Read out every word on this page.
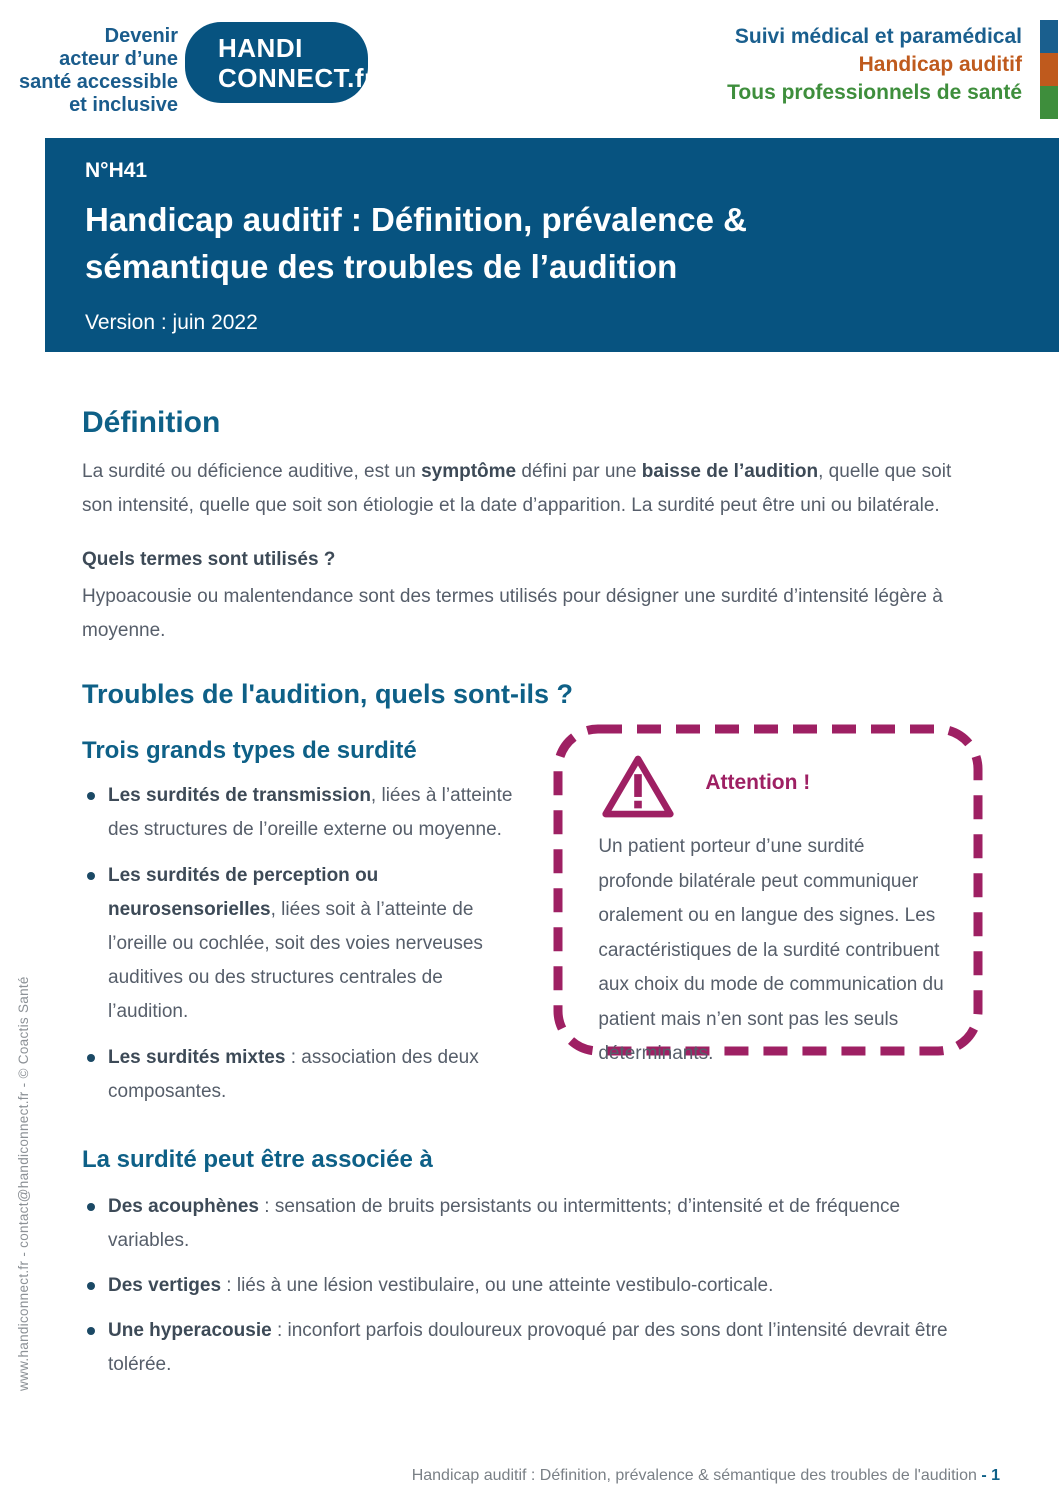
Devenir
acteur d’une
santé accessible
et inclusive
HANDI
CONNECT.fr
Suivi médical et paramédical
Handicap auditif
Tous professionnels de santé
N°H41
Handicap auditif : Définition, prévalence & sémantique des troubles de l’audition
Version : juin 2022
Définition

La surdité ou déficience auditive, est un symptôme défini par une baisse de l’audition, quelle que soit son intensité, quelle que soit son étiologie et la date d’apparition. La surdité peut être uni ou bilatérale.

Quels termes sont utilisés ?

Hypoacousie ou malentendance sont des termes utilisés pour désigner une surdité d’intensité légère à moyenne.

Troubles de l'audition, quels sont-ils ?
Trois grands types de surdité
Les surdités de transmission, liées à l’atteinte des structures de l’oreille externe ou moyenne.
Les surdités de perception ou neurosensorielles, liées soit à l’atteinte de l’oreille ou cochlée, soit des voies nerveuses auditives ou des structures centrales de l’audition.
Les surdités mixtes : association des deux composantes.
Attention !

Un patient porteur d’une surdité profonde bilatérale peut communiquer oralement ou en langue des signes. Les caractéristiques de la surdité contribuent aux choix du mode de communication du patient mais n’en sont pas les seuls déterminants.

La surdité peut être associée à
Des acouphènes : sensation de bruits persistants ou intermittents; d’intensité et de fréquence variables.
Des vertiges : liés à une lésion vestibulaire, ou une atteinte vestibulo-corticale.
Une hyperacousie : inconfort parfois douloureux provoqué par des sons dont l’intensité devrait être tolérée.
www.handiconnect.fr - contact@handiconnect.fr - © Coactis Santé
Handicap auditif : Définition, prévalence & sémantique des troubles de l'audition - 1
